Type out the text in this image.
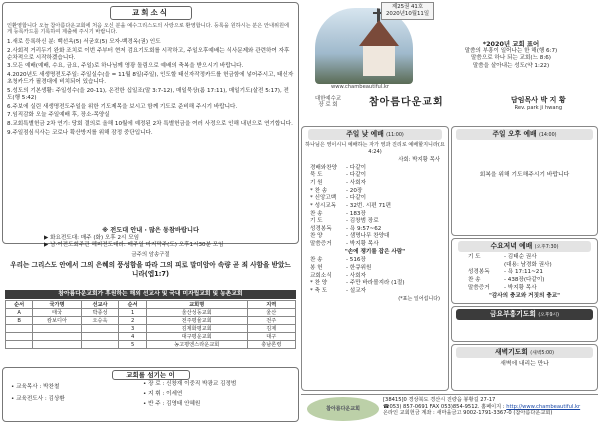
교회소식
인환영합니다 오늘 참아름다운교회에 처음 오신 분을 예수그리스도의 사랑으로 환영합니다. 등록을 원하시는 분은 안내위원에게 등록카드를 기록하여 제출해 주시기 바랍니다.
1.새로 등록하신 분: 백선옥(5) 서굳호(5) 모자-백경옥(권) 인도
2.사회적 거리두기 완화 조치로 이번 주부터 현저 검요기도회를 시작하고, 주일오후예배는 식사문제와 관련하여 자후 순차적으로 시작하겠습니다.
3.모든 예배(예배, 수요, 금요, 주일)로 하나님께 영광 돌림으로 예배의 축복을 받으시기 바랍니다.
4.2020년도 새생명전도주일: 주일실수(을 = 11월 8일(주일), 인도할 태신자작정카드를 헌금함에 넣어주시고, 태신자초청카드가 필경대에 비치되어 있습니다.
5.성도의 기본생활: 주일성수(을 20-11), 온전한 십일조(말 3:7-12), 매일묵상(롬 17:11), 매일기도(살전 5:17), 전도(행 5:42)
6.주보에 실린 새생명전도주일을 위한 기도제목을 보시고 함께 기도로 준비해 주시기 바랍니다.
7.임직감화 오늘 주일예배 후, 장소-목양실
8.교회특별헌금 2차 연기: 당회 결의로 올해 10월에 예정된 2차 특별헌금을 여러 사정으로 인해 내년으로 연기합니다.
9.주일점심식사는 코로나 확산방지를 위해 잠정 중단입니다.
※ 전도대 안내 · 많은 동참바랍니다
▶ 화요전도대: 매주 (화) 오후 2시 모임
▶ 남·여전도회주관 헤피전도대라: 매주일 마지막주(도) 오후1시30분 모임
금주의 암송구절
우리는 그리스도 안에서 그의 은혜의 풍성함을 따라 그의 피로 말미암아 속량 곧 죄 사함을 받았느니라(엡1:7)
참아름다운교회가 후원하는 해외 선교사 및 국내 미자립교회 및 농촌교회
순서	국가명	선교사	순서	교회명	지역
A	태국	박종성	1	울산성동교회	울산
B	캄보디아	오승욱	2	전주평율교회	전주
			3	김제화평교회	김제
			4	대구평운교회	대구
			5	농고평엔스라운교회	충남론령
교회를 섬기는 이
• 교육목사 : 박찬철
• 교육전도사 : 김상환
• 장 로 : 신창재 이중직 박광교 김정범
• 지 휘 : 이세연
• 반 주 : 김영태 안혜원
제25권 41호
2020년10월11일
www.chambeautiful.kr
*2020년 교회 표어
말씀의 부흥이 일어나는 한 해(행 6:7)
말씀으로 하나 되는 교회(느 8:6)
말씀을 살아내는 성도(약 1:22)
대한예수교
장 로 회	참아름다운교회	담임목사 박 지 황
Rev. park ji hwang
주일 낮 예배 (11:00)
하나님은 영이시니 예배하는 자가 영과 진리로 예배할지니라(요4:24)
사회: 박지황 목사
경배와찬양 - 다같이
묵 도	- 다같이
기 원	- 사회자
* 찬 송	- 20장
* 신앙고백 - 다같이
* 성시교독 - 32번. 시편 71편
찬 송	- 183장
기 도	- 김창범 장로
성경봉독	- 욕 9:57~62
찬 양	- 샘명나무 찬양대
말씀증거	- 박지황 목사
"손에 쟁기를 잡은 사람"
찬 송	- 516장
봉 헌	- 한큐위원
교회소식	- 사회자
* 찬 양	- 주만 바라볼지라 (1절)
* 축 도	- 설교자
(*표는 일어섭니다)
주일 오후 예배 (14:00)
회복을 위해 기도해주시기 바랍니다
수요저녁 예배 (오후7:30)
기 도	- 김태순 권사
(대용: 남경화 권사)
성경봉독	- 욕 17:11~21
찬 송	- 438장(다같이)
말씀증거	- 박지황 목사
"감사의 충교와 거짓의 충교"
금요부흥기도회 (오후9시)
새벽기도회 (새벽5:00)
새벽에 내리는 만나
참아름다운교회
[38415]0 경상북도 경산시 진량읍 봉황길 27-17
☎053) 857-0691 FAX 053)854-9512. 홈페이지 : http://www.chambeautiful.kr
온라인 교회헌금 계좌 : 새마을금고 9002-1791-3367-0 (참아름다운교회)
